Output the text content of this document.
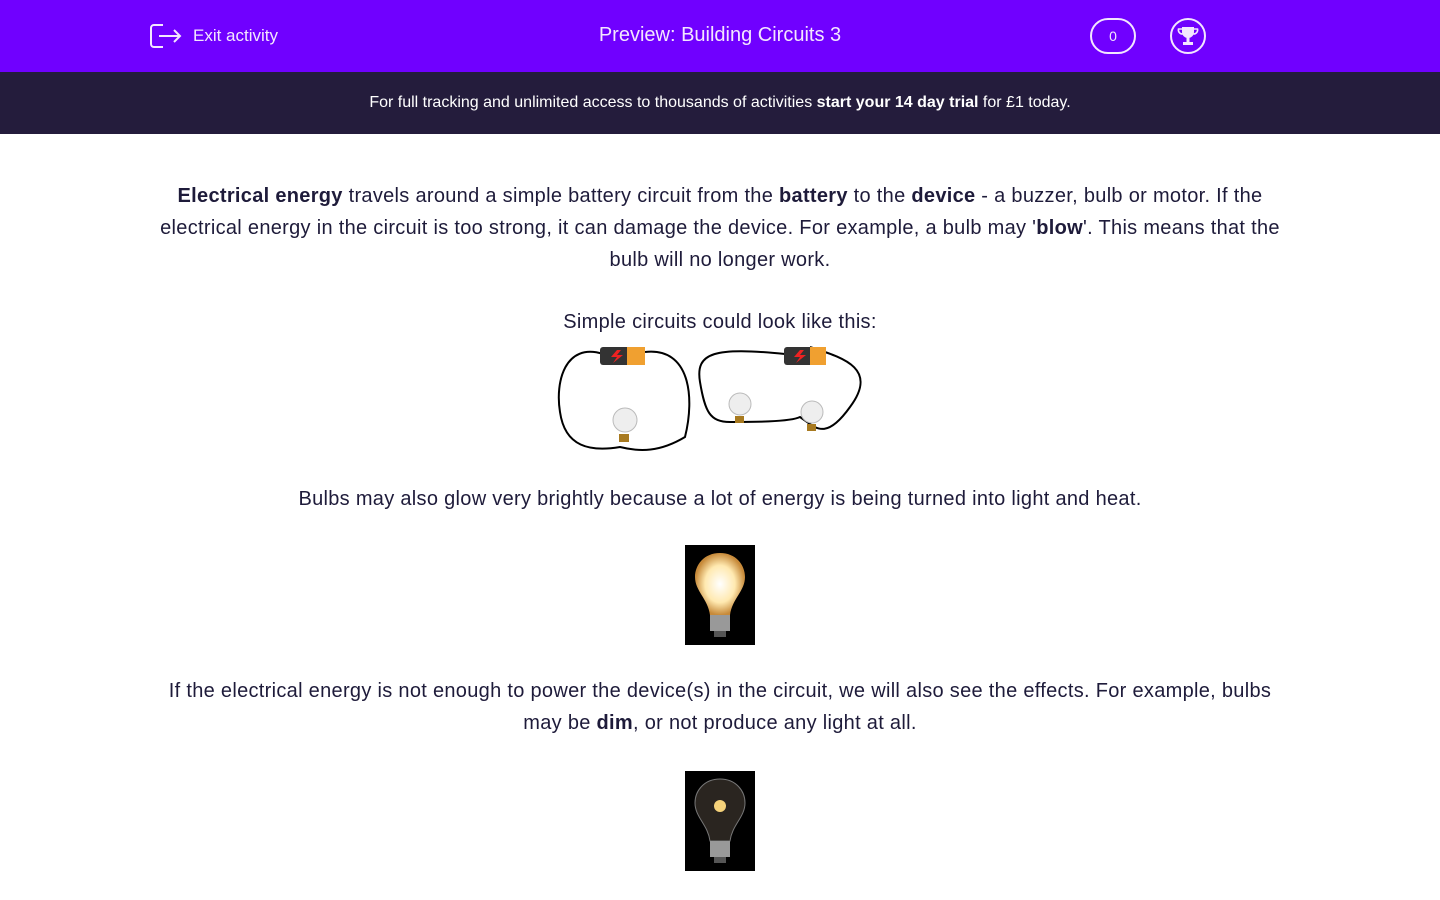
Exit activity	Preview: Building Circuits 3	0
For full tracking and unlimited access to thousands of activities start your 14 day trial for £1 today.

Electrical energy travels around a simple battery circuit from the battery to the device - a buzzer, bulb or motor. If the electrical energy in the circuit is too strong, it can damage the device. For example, a bulb may 'blow'. This means that the bulb will no longer work.

Simple circuits could look like this:

Bulbs may also glow very brightly because a lot of energy is being turned into light and heat.

If the electrical energy is not enough to power the device(s) in the circuit, we will also see the effects. For example, bulbs may be dim, or not produce any light at all.
